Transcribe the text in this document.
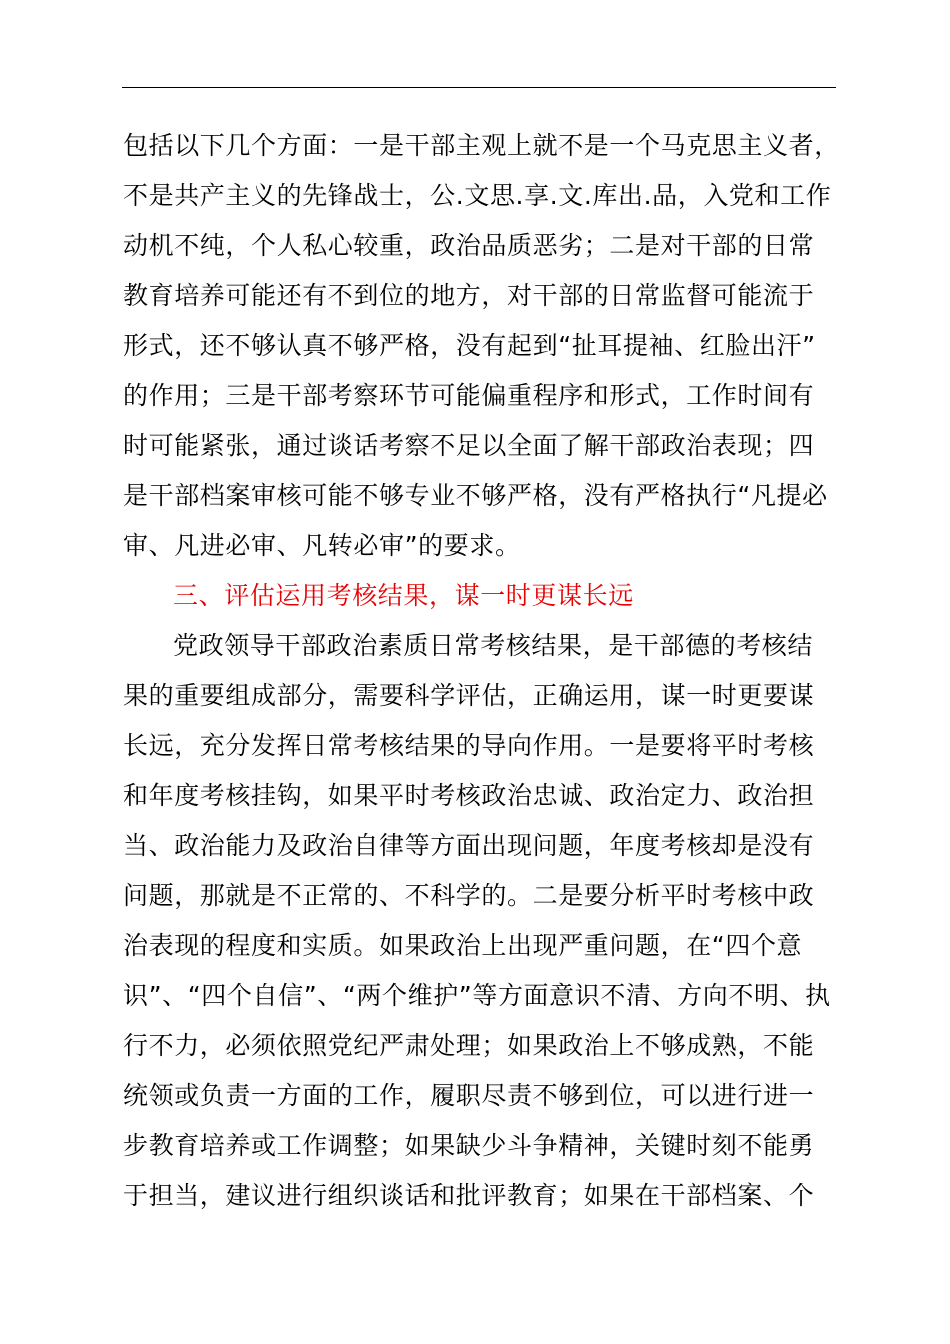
包括以下几个方面：一是干部主观上就不是一个马克思主义者，
不是共产主义的先锋战士，公.文思.享.文.库出.品，入党和工作
动机不纯，个人私心较重，政治品质恶劣；二是对干部的日常
教育培养可能还有不到位的地方，对干部的日常监督可能流于
形式，还不够认真不够严格，没有起到“扯耳提袖、红脸出汗”
的作用；三是干部考察环节可能偏重程序和形式，工作时间有
时可能紧张，通过谈话考察不足以全面了解干部政治表现；四
是干部档案审核可能不够专业不够严格，没有严格执行“凡提必
审、凡进必审、凡转必审”的要求。
三、评估运用考核结果，谋一时更谋长远
党政领导干部政治素质日常考核结果，是干部德的考核结
果的重要组成部分，需要科学评估，正确运用，谋一时更要谋
长远，充分发挥日常考核结果的导向作用。一是要将平时考核
和年度考核挂钩，如果平时考核政治忠诚、政治定力、政治担
当、政治能力及政治自律等方面出现问题，年度考核却是没有
问题，那就是不正常的、不科学的。二是要分析平时考核中政
治表现的程度和实质。如果政治上出现严重问题，在“四个意
识”、“四个自信”、“两个维护”等方面意识不清、方向不明、执
行不力，必须依照党纪严肃处理；如果政治上不够成熟，不能
统领或负责一方面的工作，履职尽责不够到位，可以进行进一
步教育培养或工作调整；如果缺少斗争精神，关键时刻不能勇
于担当，建议进行组织谈话和批评教育；如果在干部档案、个
